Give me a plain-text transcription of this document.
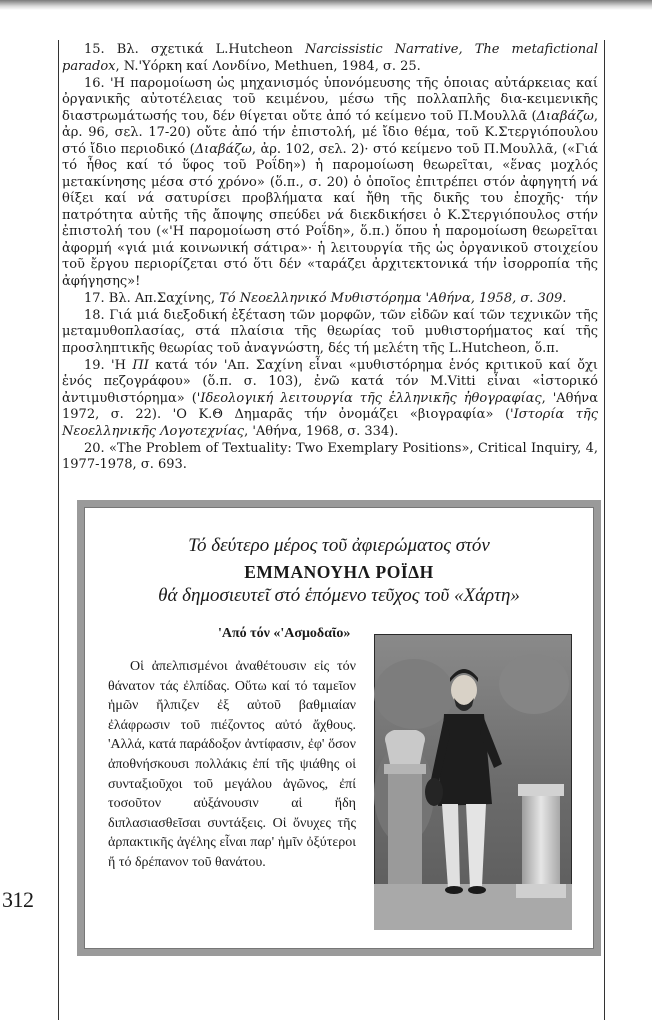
15. Βλ. σχετικά L.Hutcheon Narcissistic Narrative, The metafictional paradox, N.'Υόρκη καί Λονδίνο, Methuen, 1984, σ. 25.

16. 'Η παρομοίωση ὡς μηχανισμός ὑπονόμευσης τῆς ὁποιας αὐτάρκειας καί ὀργανικῆς αὐτοτέλειας τοῦ κειμένου, μέσω τῆς πολλαπλῆς δια-κειμενικῆς διαστρωμάτωσής του, δέν θίγεται οὔτε ἀπό τό κείμενο τοῦ Π.Μουλλᾶ (Διαβάζω, ἀρ. 96, σελ. 17-20) οὔτε ἀπό τήν ἐπιστολή, μέ ἴδιο θέμα, τοῦ Κ.Στεργιόπουλου στό ἴδιο περιοδικό (Διαβάζω, ἀρ. 102, σελ. 2)· στό κείμενο τοῦ Π.Μουλλᾶ, («Γιά τό ἦθος καί τό ὕφος τοῦ Ροΐδη») ἡ παρομοίωση θεωρεῖται, «ἕνας μοχλός μετακίνησης μέσα στό χρόνο» (ὅ.π., σ. 20) ὁ ὁποῖος ἐπιτρέπει στόν ἀφηγητή νά θίξει καί νά σατυρίσει προβλήματα καί ἤθη τῆς δικῆς του ἐποχῆς· τήν πατρότητα αὐτῆς τῆς ἄποψης σπεύδει νά διεκδικήσει ὁ Κ.Στεργιόπουλος στήν ἐπιστολή του («'Η παρομοίωση στό Ροΐδη», ὅ.π.) ὅπου ἡ παρομοίωση θεωρεῖται ἀφορμή «γιά μιά κοινωνική σάτιρα»· ἡ λειτουργία τῆς ὡς ὀργανικοῦ στοιχείου τοῦ ἔργου περιορίζεται στό ὅτι δέν «ταράζει ἀρχιτεκτονικά τήν ἰσορροπία τῆς ἀφήγησης»!

17. Βλ. Απ.Σαχίνης, Τό Νεοελληνικό Μυθιστόρημα 'Αθήνα, 1958, σ. 309.

18. Γιά μιά διεξοδική ἐξέταση τῶν μορφῶν, τῶν εἰδῶν καί τῶν τεχνικῶν τῆς μεταμυθοπλασίας, στά πλαίσια τῆς θεωρίας τοῦ μυθιστορήματος καί τῆς προσληπτικῆς θεωρίας τοῦ ἀναγνώστη, δές τή μελέτη τῆς L.Hutcheon, ὅ.π.

19. 'Η ΠΙ κατά τόν 'Απ. Σαχίνη εἶναι «μυθιστόρημα ἑνός κριτικοῦ καί ὄχι ἑνός πεζογράφου» (ὅ.π. σ. 103), ἐνῶ κατά τόν Μ.Vitti εἶναι «ἱστορικό ἀντιμυθιστόρημα» ('Ιδεολογική λειτουργία τῆς ἑλληνικῆς ἠθογραφίας, 'Αθήνα 1972, σ. 22). 'Ο Κ.Θ Δημαρᾶς τήν ὀνομάζει «βιογραφία» ('Ιστορία τῆς Νεοελληνικῆς Λογοτεχνίας, 'Αθήνα, 1968, σ. 334).

20. «The Problem of Textuality: Two Exemplary Positions», Critical Inquiry, 4, 1977-1978, σ. 693.

312
Τό δεύτερο μέρος τοῦ ἀφιερώματος στόν
ΕΜΜΑΝΟΥΗΛ ΡΟΪΔΗ
θά δημοσιευτεῖ στό ἑπόμενο τεῦχος τοῦ «Χάρτη»
'Από τόν «'Ασμοδαῖο»
Οἱ ἀπελπισμένοι ἀναθέτουσιν εἰς τόν θάνατον τάς ἐλπίδας. Οὕτω καί τό ταμεῖον ἡμῶν ἤλπιζεν ἐξ αὐτοῦ βαθμιαίαν ἐλάφρωσιν τοῦ πιέζοντος αὐτό ἄχθους. 'Αλλά, κατά παράδοξον ἀντίφασιν, ἐφ' ὅσον ἀποθνήσκουσι πολλάκις ἐπί τῆς ψιάθης οἱ συνταξιοῦχοι τοῦ μεγάλου ἀγῶνος, ἐπί τοσοῦτον αὐξάνουσιν αἱ ἤδη διπλασιασθεῖσαι συντάξεις. Οἱ ὄνυχες τῆς ἁρπακτικῆς ἀγέλης εἶναι παρ' ἡμῖν ὀξύτεροι ἤ τό δρέπανον τοῦ θανάτου.
